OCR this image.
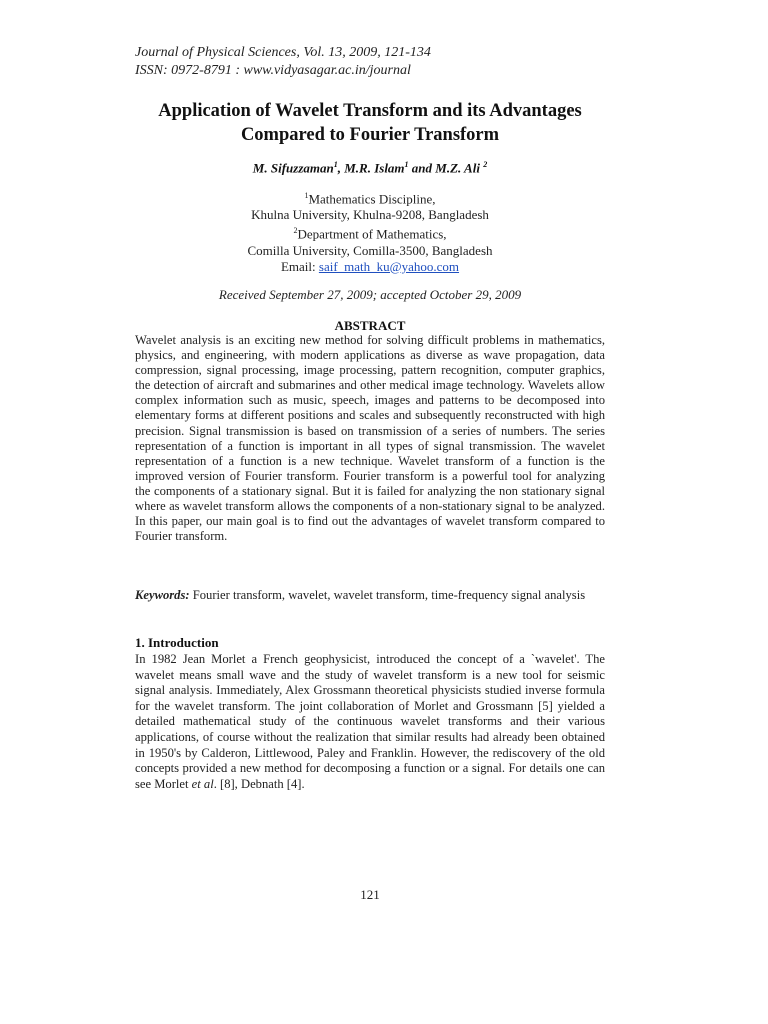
Journal of Physical Sciences, Vol. 13, 2009, 121-134
ISSN: 0972-8791 : www.vidyasagar.ac.in/journal
Application of Wavelet Transform and its Advantages
Compared to Fourier Transform
M. Sifuzzaman$^1$, M.R. Islam$^1$ and M.Z. Ali $^2$
$^1$Mathematics Discipline,
Khulna University, Khulna-9208, Bangladesh
$^2$Department of Mathematics,
Comilla University, Comilla-3500, Bangladesh
Email: saif_math_ku@yahoo.com
Received September 27, 2009; accepted October 29, 2009
ABSTRACT
Wavelet analysis is an exciting new method for solving difficult problems in mathematics, physics, and engineering, with modern applications as diverse as wave propagation, data compression, signal processing, image processing, pattern recognition, computer graphics, the detection of aircraft and submarines and other medical image technology. Wavelets allow complex information such as music, speech, images and patterns to be decomposed into elementary forms at different positions and scales and subsequently reconstructed with high precision. Signal transmission is based on transmission of a series of numbers. The series representation of a function is important in all types of signal transmission. The wavelet representation of a function is a new technique. Wavelet transform of a function is the improved version of Fourier transform. Fourier transform is a powerful tool for analyzing the components of a stationary signal. But it is failed for analyzing the non stationary signal where as wavelet transform allows the components of a non-stationary signal to be analyzed. In this paper, our main goal is to find out the advantages of wavelet transform compared to Fourier transform.
Keywords: Fourier transform, wavelet, wavelet transform, time-frequency signal analysis
1. Introduction
In 1982 Jean Morlet a French geophysicist, introduced the concept of a `wavelet'. The wavelet means small wave and the study of wavelet transform is a new tool for seismic signal analysis. Immediately, Alex Grossmann theoretical physicists studied inverse formula for the wavelet transform. The joint collaboration of Morlet and Grossmann [5] yielded a detailed mathematical study of the continuous wavelet transforms and their various applications, of course without the realization that similar results had already been obtained in 1950's by Calderon, Littlewood, Paley and Franklin. However, the rediscovery of the old concepts provided a new method for decomposing a function or a signal. For details one can see Morlet et al. [8], Debnath [4].
121
